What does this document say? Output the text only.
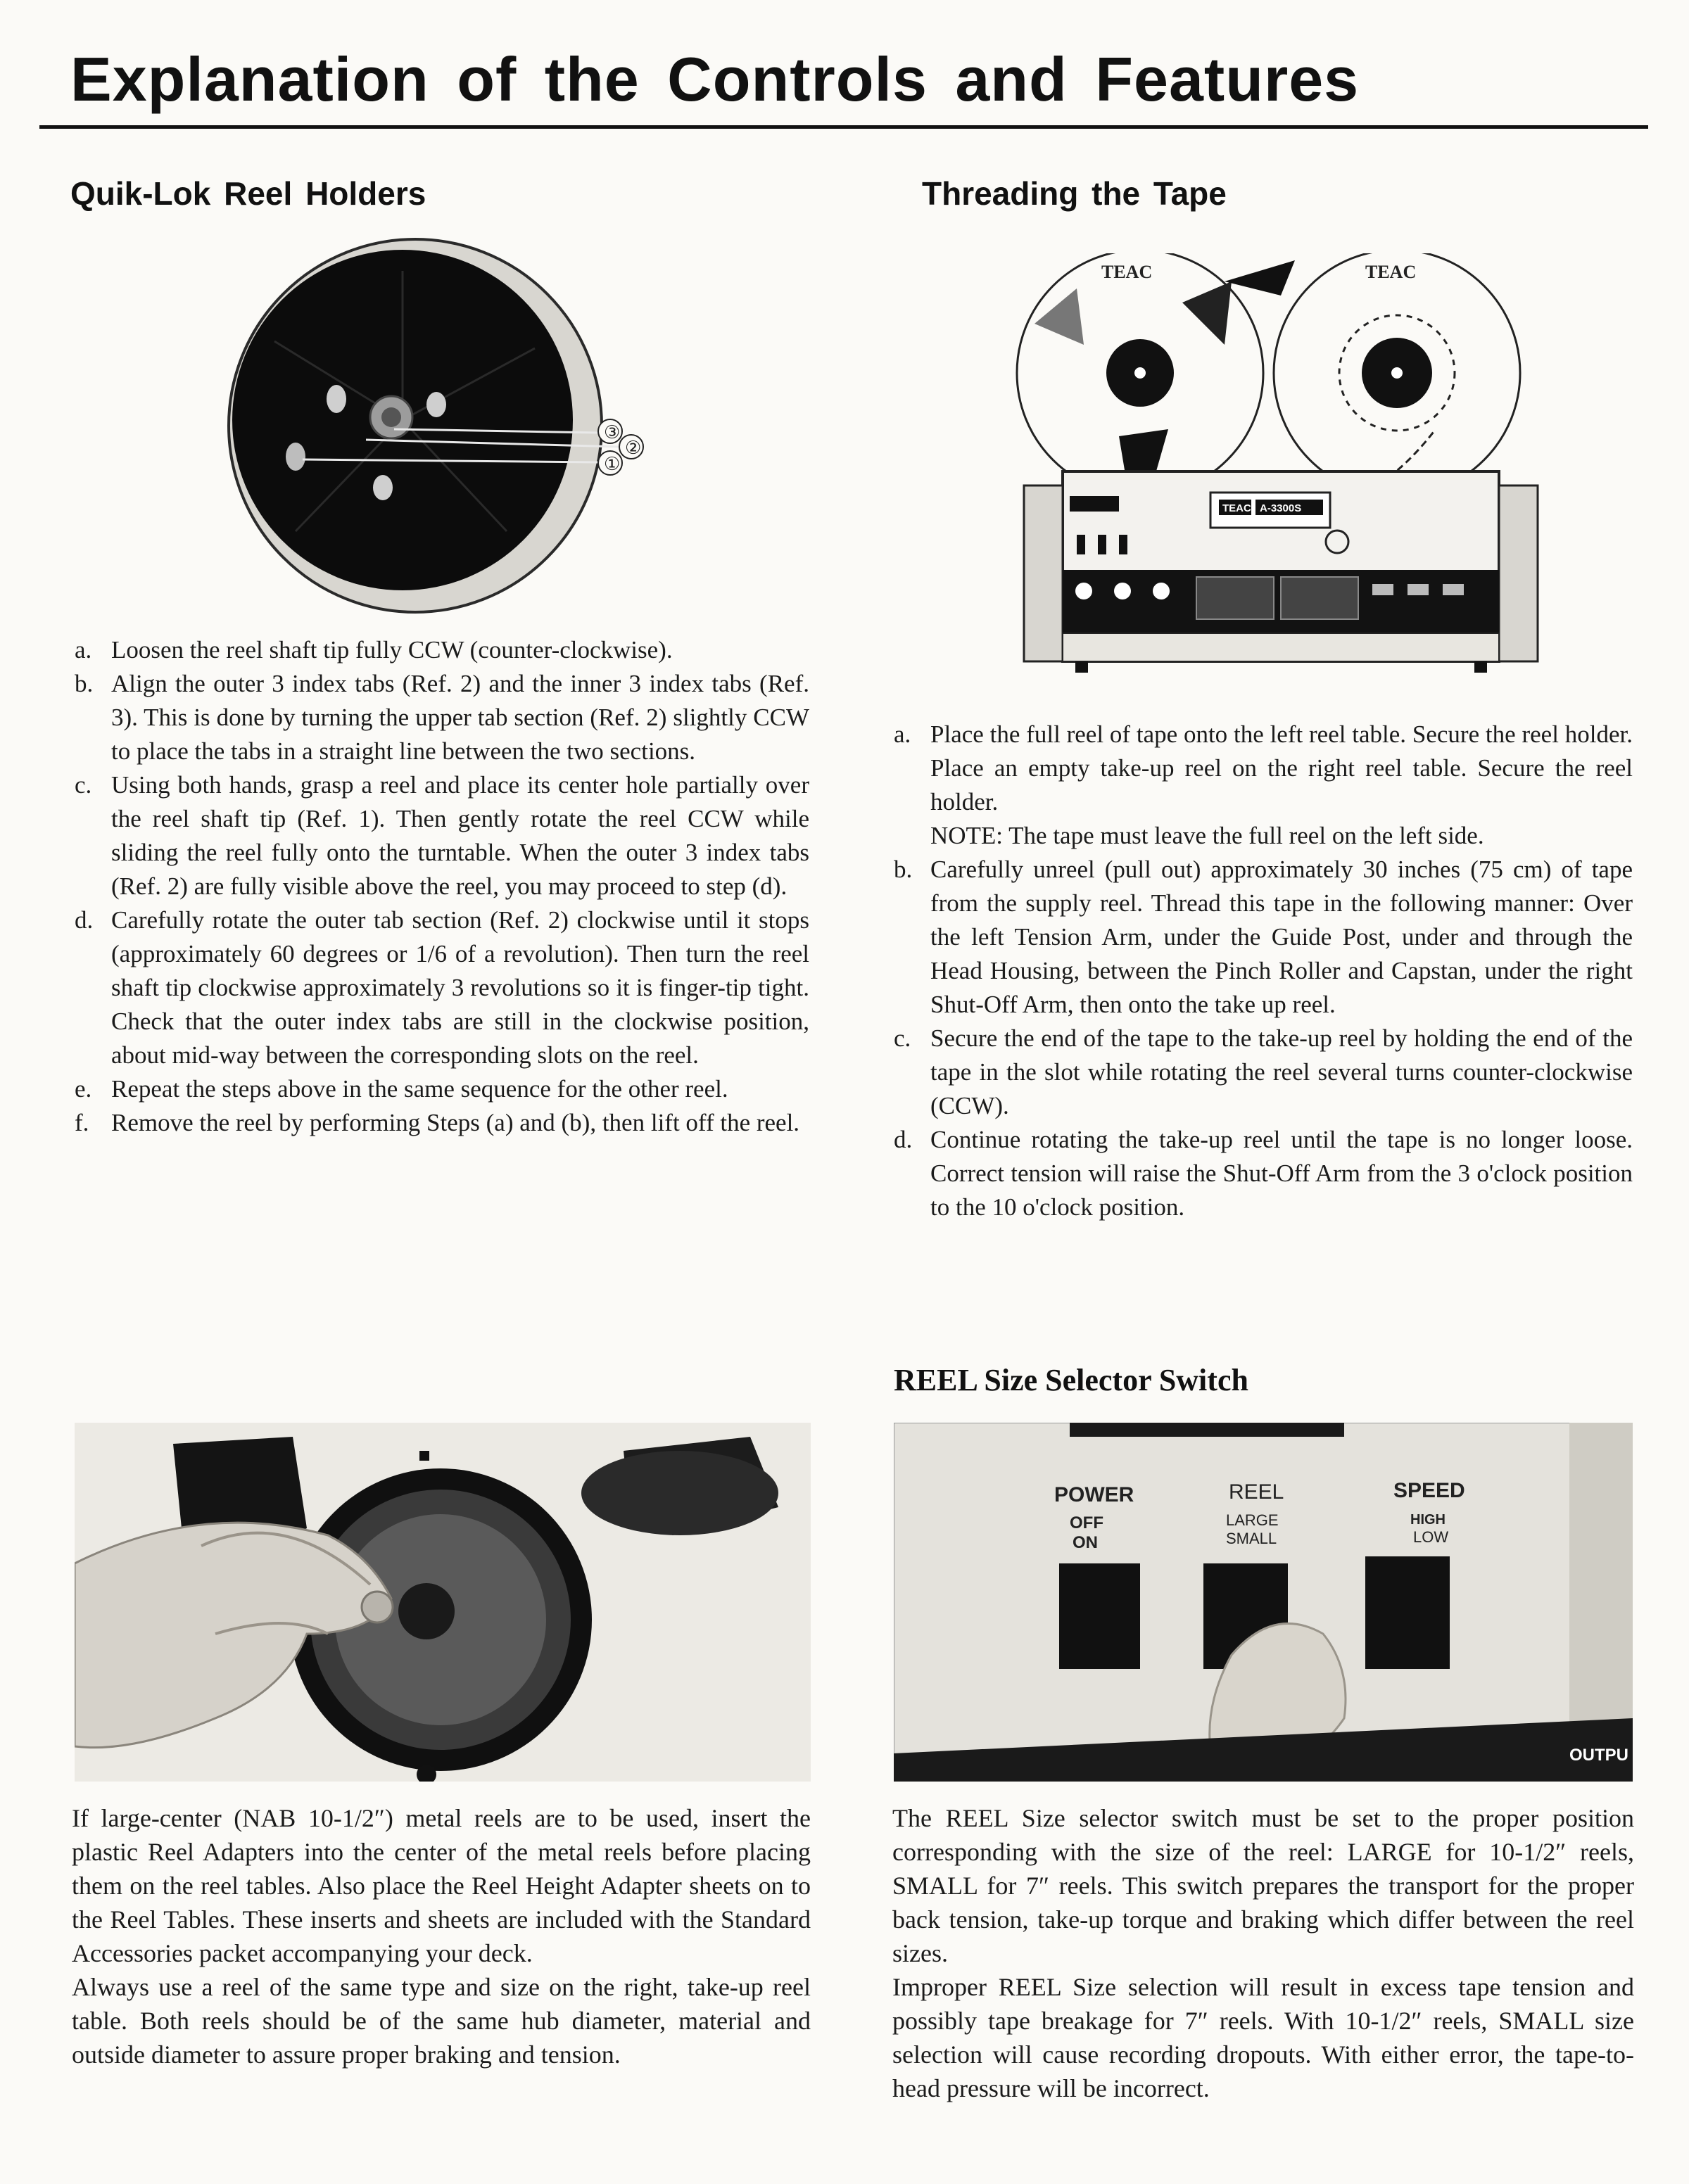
Explanation of the Controls and Features
Quik-Lok Reel Holders
③
②
①
a. Loosen the reel shaft tip fully CCW (counter-clockwise).
b. Align the outer 3 index tabs (Ref. 2) and the inner 3 index tabs (Ref. 3). This is done by turning the upper tab section (Ref. 2) slightly CCW to place the tabs in a straight line between the two sections.
c. Using both hands, grasp a reel and place its center hole partially over the reel shaft tip (Ref. 1). Then gently rotate the reel CCW while sliding the reel fully onto the turntable. When the outer 3 index tabs (Ref. 2) are fully visible above the reel, you may proceed to step (d).
d. Carefully rotate the outer tab section (Ref. 2) clockwise until it stops (approximately 60 degrees or 1/6 of a revolution). Then turn the reel shaft tip clockwise approximately 3 revolutions so it is finger-tip tight. Check that the outer index tabs are still in the clockwise position, about mid-way between the corresponding slots on the reel.
e. Repeat the steps above in the same sequence for the other reel.
f. Remove the reel by performing Steps (a) and (b), then lift off the reel.

If large-center (NAB 10-1/2″) metal reels are to be used, insert the plastic Reel Adapters into the center of the metal reels before placing them on the reel tables. Also place the Reel Height Adapter sheets on to the Reel Tables. These inserts and sheets are included with the Standard Accessories packet accompanying your deck.

Always use a reel of the same type and size on the right, take-up reel table. Both reels should be of the same hub diameter, material and outside diameter to assure proper braking and tension.

Threading the Tape
TEAC	TEAC
TEAC A-3300S
a. Place the full reel of tape onto the left reel table. Secure the reel holder. Place an empty take-up reel on the right reel table. Secure the reel holder.
NOTE: The tape must leave the full reel on the left side.
b. Carefully unreel (pull out) approximately 30 inches (75 cm) of tape from the supply reel. Thread this tape in the following manner: Over the left Tension Arm, under the Guide Post, under and through the Head Housing, between the Pinch Roller and Capstan, under the right Shut-Off Arm, then onto the take up reel.
c. Secure the end of the tape to the take-up reel by holding the end of the tape in the slot while rotating the reel several turns counter-clockwise (CCW).
d. Continue rotating the take-up reel until the tape is no longer loose. Correct tension will raise the Shut-Off Arm from the 3 o'clock position to the 10 o'clock position.
REEL Size Selector Switch
POWER
OFF
ON
REEL
LARGE
SMALL
SPEED
HIGH
LOW
OUTPU

The REEL Size selector switch must be set to the proper position corresponding with the size of the reel: LARGE for 10-1/2″ reels, SMALL for 7″ reels. This switch prepares the transport for the proper back tension, take-up torque and braking which differ between the reel sizes.

Improper REEL Size selection will result in excess tape tension and possibly tape breakage for 7″ reels. With 10-1/2″ reels, SMALL size selection will cause recording dropouts. With either error, the tape-to-head pressure will be incorrect.
